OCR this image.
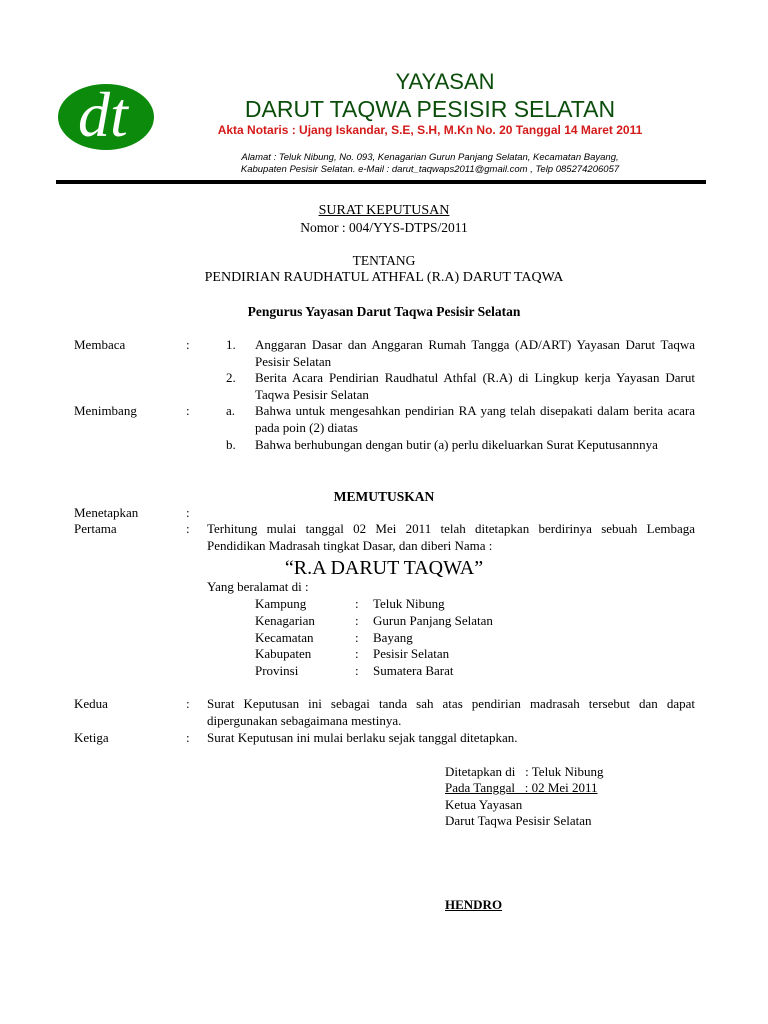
dt	YAYASAN
DARUT TAQWA PESISIR SELATAN
Akta Notaris : Ujang Iskandar, S.E, S.H, M.Kn No. 20 Tanggal 14 Maret 2011
Alamat : Teluk Nibung, No. 093, Kenagarian Gurun Panjang Selatan, Kecamatan Bayang,
Kabupaten Pesisir Selatan. e-Mail : darut_taqwaps2011@gmail.com , Telp 085274206057
SURAT KEPUTUSAN
Nomor : 004/YYS-DTPS/2011
TENTANG
PENDIRIAN RAUDHATUL ATHFAL (R.A) DARUT TAQWA
Pengurus Yayasan Darut Taqwa Pesisir Selatan
Membaca	:	1. Anggaran Dasar dan Anggaran Rumah Tangga (AD/ART) Yayasan Darut Taqwa Pesisir Selatan
2. Berita Acara Pendirian Raudhatul Athfal (R.A) di Lingkup kerja Yayasan Darut Taqwa Pesisir Selatan
Menimbang	:	a. Bahwa untuk mengesahkan pendirian RA yang telah disepakati dalam berita acara pada poin (2) diatas
b. Bahwa berhubungan dengan butir (a) perlu dikeluarkan Surat Keputusannnya
MEMUTUSKAN
Menetapkan	:
Pertama	: Terhitung mulai tanggal 02 Mei 2011 telah ditetapkan berdirinya sebuah Lembaga Pendidikan Madrasah tingkat Dasar, dan diberi Nama :
“R.A DARUT TAQWA”
Yang beralamat di :
Kampung	: Teluk Nibung
Kenagarian	: Gurun Panjang Selatan
Kecamatan	: Bayang
Kabupaten	: Pesisir Selatan
Provinsi	: Sumatera Barat
Kedua	: Surat Keputusan ini sebagai tanda sah atas pendirian madrasah tersebut dan dapat dipergunakan sebagaimana mestinya.
Ketiga	: Surat Keputusan ini mulai berlaku sejak tanggal ditetapkan.
Ditetapkan di   : Teluk Nibung
Pada Tanggal   : 02 Mei 2011
Ketua Yayasan
Darut Taqwa Pesisir Selatan
HENDRO
